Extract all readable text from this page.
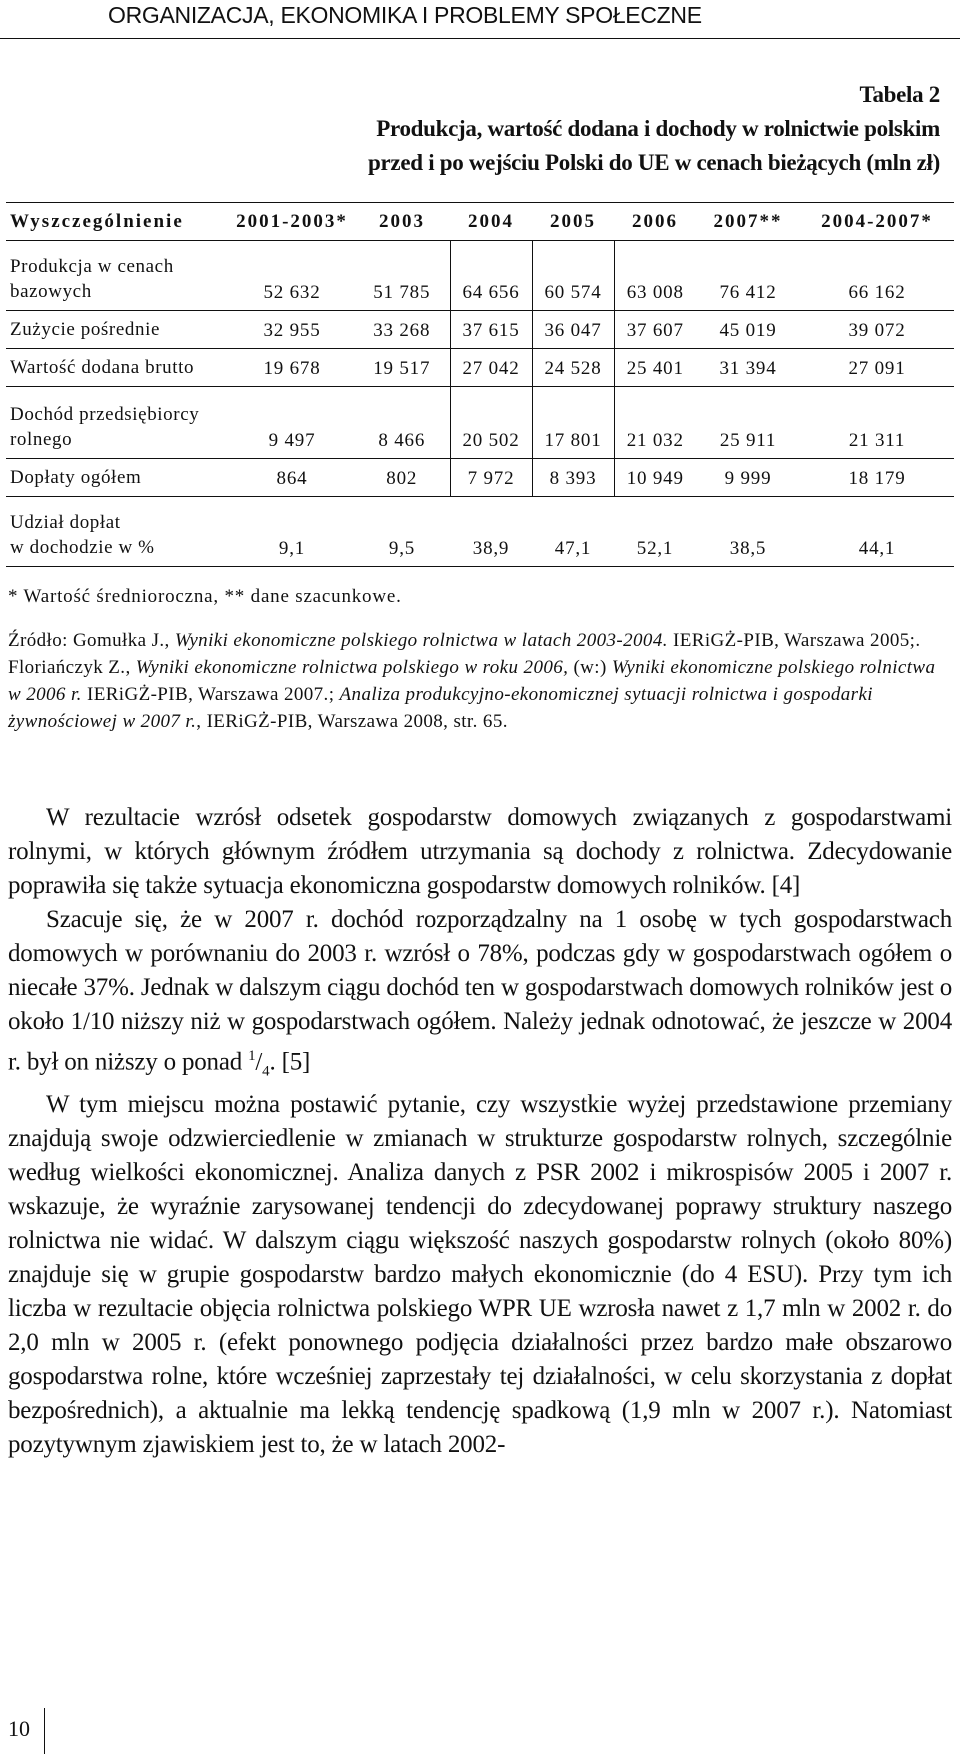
ORGANIZACJA, EKONOMIKA I PROBLEMY SPOŁECZNE
Tabela 2
Produkcja, wartość dodana i dochody w rolnictwie polskim
przed i po wejściu Polski do UE w cenach bieżących (mln zł)
Wyszczególnienie	2001-2003*	2003	2004	2005	2006	2007**	2004-2007*

Produkcja w cenach
bazowych	52 632	51 785	64 656	60 574	63 008	76 412	66 162
Zużycie pośrednie	32 955	33 268	37 615	36 047	37 607	45 019	39 072
Wartość dodana brutto	19 678	19 517	27 042	24 528	25 401	31 394	27 091

Dochód przedsiębiorcy
rolnego	9 497	8 466	20 502	17 801	21 032	25 911	21 311
Dopłaty ogółem	864	802	7 972	8 393	10 949	9 999	18 179

Udział dopłat
w dochodzie w %	9,1	9,5	38,9	47,1	52,1	38,5	44,1
* Wartość średnioroczna, ** dane szacunkowe.
Źródło: Gomułka J., Wyniki ekonomiczne polskiego rolnictwa w latach 2003-2004. IERiGŻ-PIB, Warszawa 2005;. Floriańczyk Z., Wyniki ekonomiczne rolnictwa polskiego w roku 2006, (w:) Wyniki ekonomiczne polskiego rolnictwa w 2006 r. IERiGŻ-PIB, Warszawa 2007.; Analiza produkcyjno-ekonomicznej sytuacji rolnictwa i gospodarki żywnościowej w 2007 r., IERiGŻ-PIB, Warszawa 2008, str. 65.

W rezultacie wzrósł odsetek gospodarstw domowych związanych z gospodarstwami rolnymi, w których głównym źródłem utrzymania są dochody z rolnictwa. Zdecydowanie poprawiła się także sytuacja ekonomiczna gospodarstw domowych rolników. [4]

Szacuje się, że w 2007 r. dochód rozporządzalny na 1 osobę w tych gospodarstwach domowych w porównaniu do 2003 r. wzrósł o 78%, podczas gdy w gospodarstwach ogółem o niecałe 37%. Jednak w dalszym ciągu dochód ten w gospodarstwach domowych rolników jest o około 1/10 niższy niż w gospodarstwach ogółem. Należy jednak odnotować, że jeszcze w 2004 r. był on niższy o ponad $^1/_4$. [5]

W tym miejscu można postawić pytanie, czy wszystkie wyżej przedstawione przemiany znajdują swoje odzwierciedlenie w zmianach w strukturze gospodarstw rolnych, szczególnie według wielkości ekonomicznej. Analiza danych z PSR 2002 i mikrospisów 2005 i 2007 r. wskazuje, że wyraźnie zarysowanej tendencji do zdecydowanej poprawy struktury naszego rolnictwa nie widać. W dalszym ciągu większość naszych gospodarstw rolnych (około 80%) znajduje się w grupie gospodarstw bardzo małych ekonomicznie (do 4 ESU). Przy tym ich liczba w rezultacie objęcia rolnictwa polskiego WPR UE wzrosła nawet z 1,7 mln w 2002 r. do 2,0 mln w 2005 r. (efekt ponownego podjęcia działalności przez bardzo małe obszarowo gospodarstwa rolne, które wcześniej zaprzestały tej działalności, w celu skorzystania z dopłat bezpośrednich), a aktualnie ma lekką tendencję spadkową (1,9 mln w 2007 r.). Natomiast pozytywnym zjawiskiem jest to, że w latach 2002-

10
